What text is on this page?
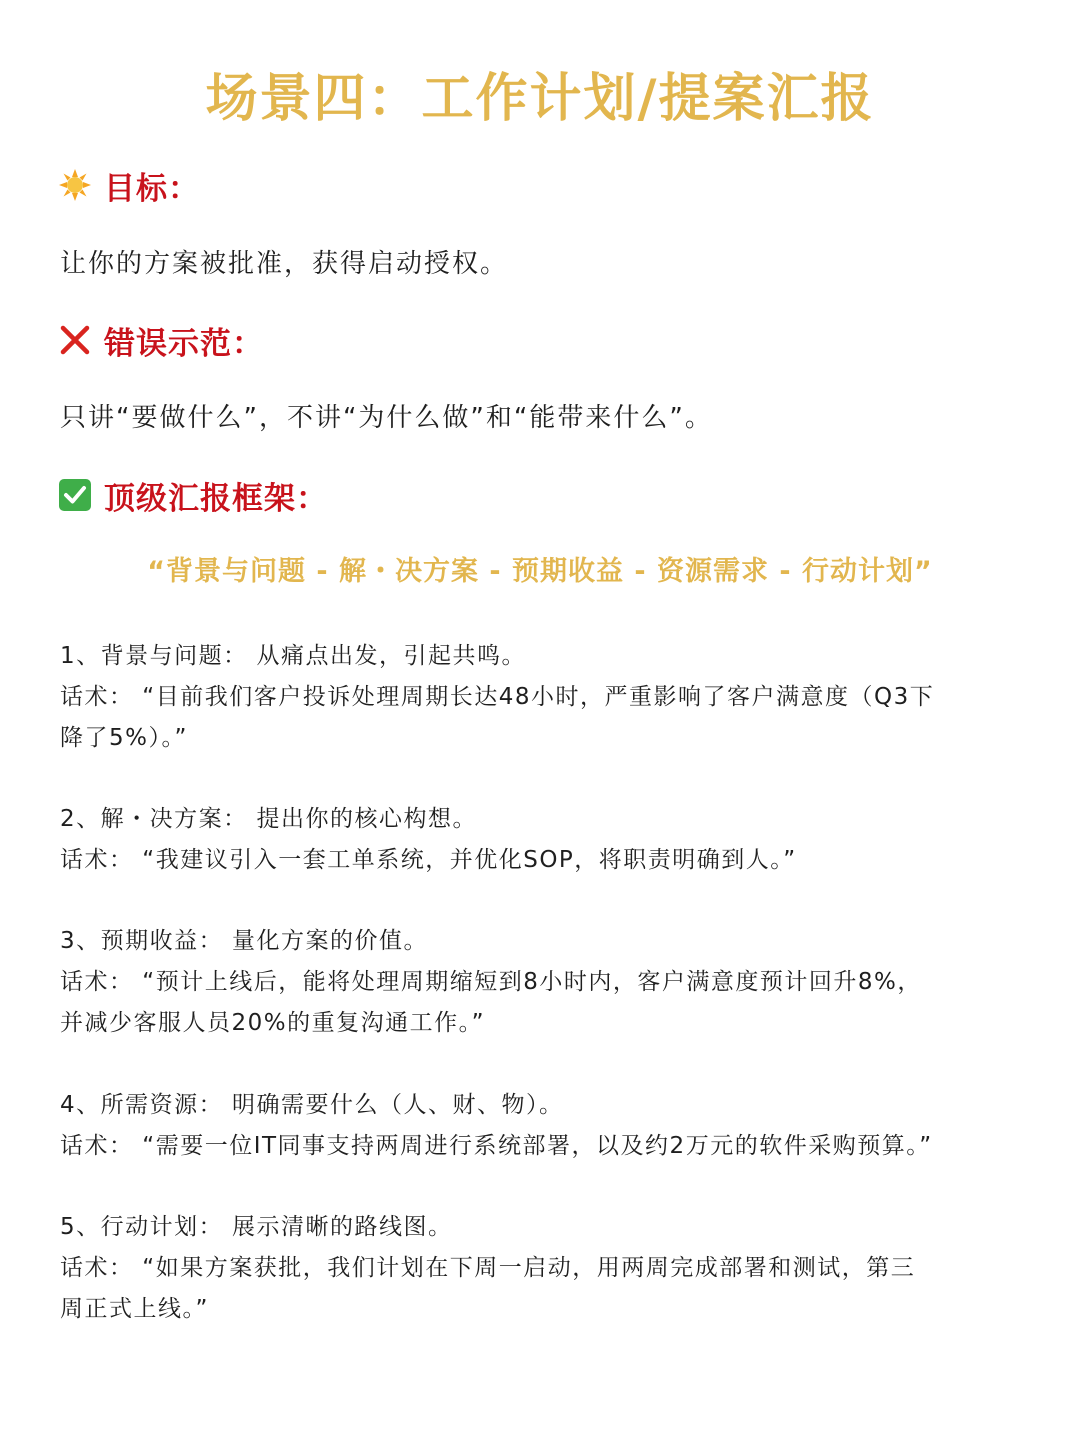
场景四：工作计划/提案汇报
目标：
让你的方案被批准，获得启动授权。
错误示范：
只讲“要做什么”，不讲“为什么做”和“能带来什么”。
顶级汇报框架：
“背景与问题 - 解・决方案 - 预期收益 - 资源需求 - 行动计划”
1、背景与问题： 从痛点出发，引起共鸣。
话术： “目前我们客户投诉处理周期长达48小时，严重影响了客户满意度（Q3下
降了5%）。”
2、解・决方案： 提出你的核心构想。
话术： “我建议引入一套工单系统，并优化SOP，将职责明确到人。”
3、预期收益： 量化方案的价值。
话术： “预计上线后，能将处理周期缩短到8小时内，客户满意度预计回升8%，
并减少客服人员20%的重复沟通工作。”
4、所需资源： 明确需要什么（人、财、物）。
话术： “需要一位IT同事支持两周进行系统部署，以及约2万元的软件采购预算。”
5、行动计划： 展示清晰的路线图。
话术： “如果方案获批，我们计划在下周一启动，用两周完成部署和测试，第三
周正式上线。”
